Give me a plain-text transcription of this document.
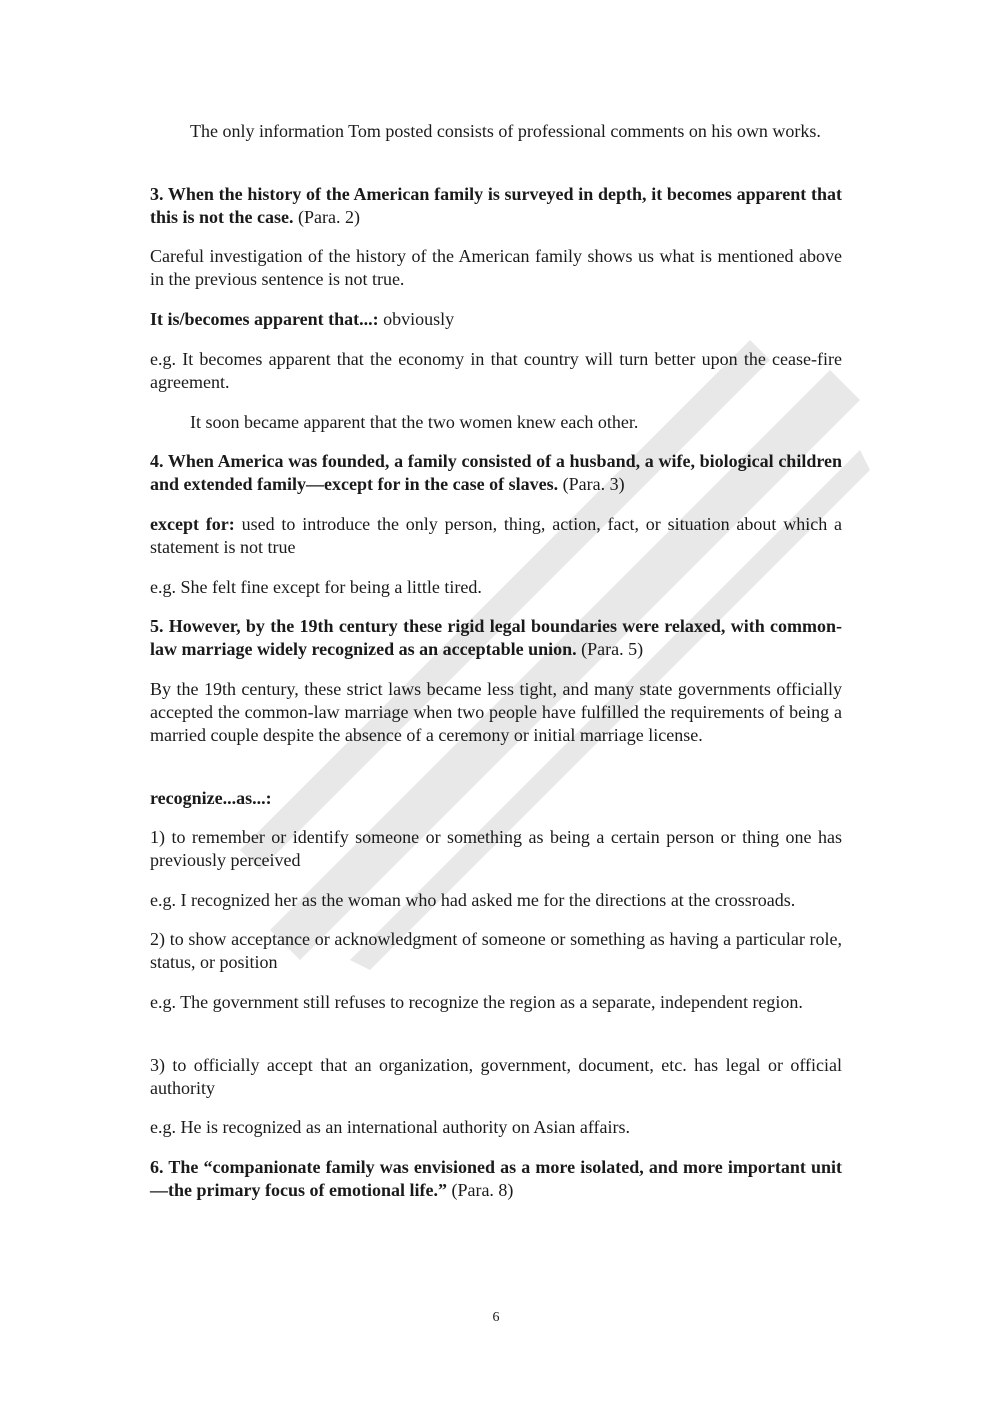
The only information Tom posted consists of professional comments on his own works.

3. When the history of the American family is surveyed in depth, it becomes apparent that this is not the case. (Para. 2)

Careful investigation of the history of the American family shows us what is mentioned above in the previous sentence is not true.

It is/becomes apparent that...: obviously

e.g. It becomes apparent that the economy in that country will turn better upon the cease-fire agreement.

It soon became apparent that the two women knew each other.

4. When America was founded, a family consisted of a husband, a wife, biological children and extended family—except for in the case of slaves. (Para. 3)

except for: used to introduce the only person, thing, action, fact, or situation about which a statement is not true

e.g. She felt fine except for being a little tired.

5. However, by the 19th century these rigid legal boundaries were relaxed, with common-law marriage widely recognized as an acceptable union. (Para. 5)

By the 19th century, these strict laws became less tight, and many state governments officially accepted the common-law marriage when two people have fulfilled the requirements of being a married couple despite the absence of a ceremony or initial marriage license.

recognize...as...:

1) to remember or identify someone or something as being a certain person or thing one has previously perceived

e.g. I recognized her as the woman who had asked me for the directions at the crossroads.

2) to show acceptance or acknowledgment of someone or something as having a particular role, status, or position

e.g. The government still refuses to recognize the region as a separate, independent region.

3) to officially accept that an organization, government, document, etc. has legal or official authority

e.g. He is recognized as an international authority on Asian affairs.

6. The “companionate family was envisioned as a more isolated, and more important unit—the primary focus of emotional life.” (Para. 8)

6
